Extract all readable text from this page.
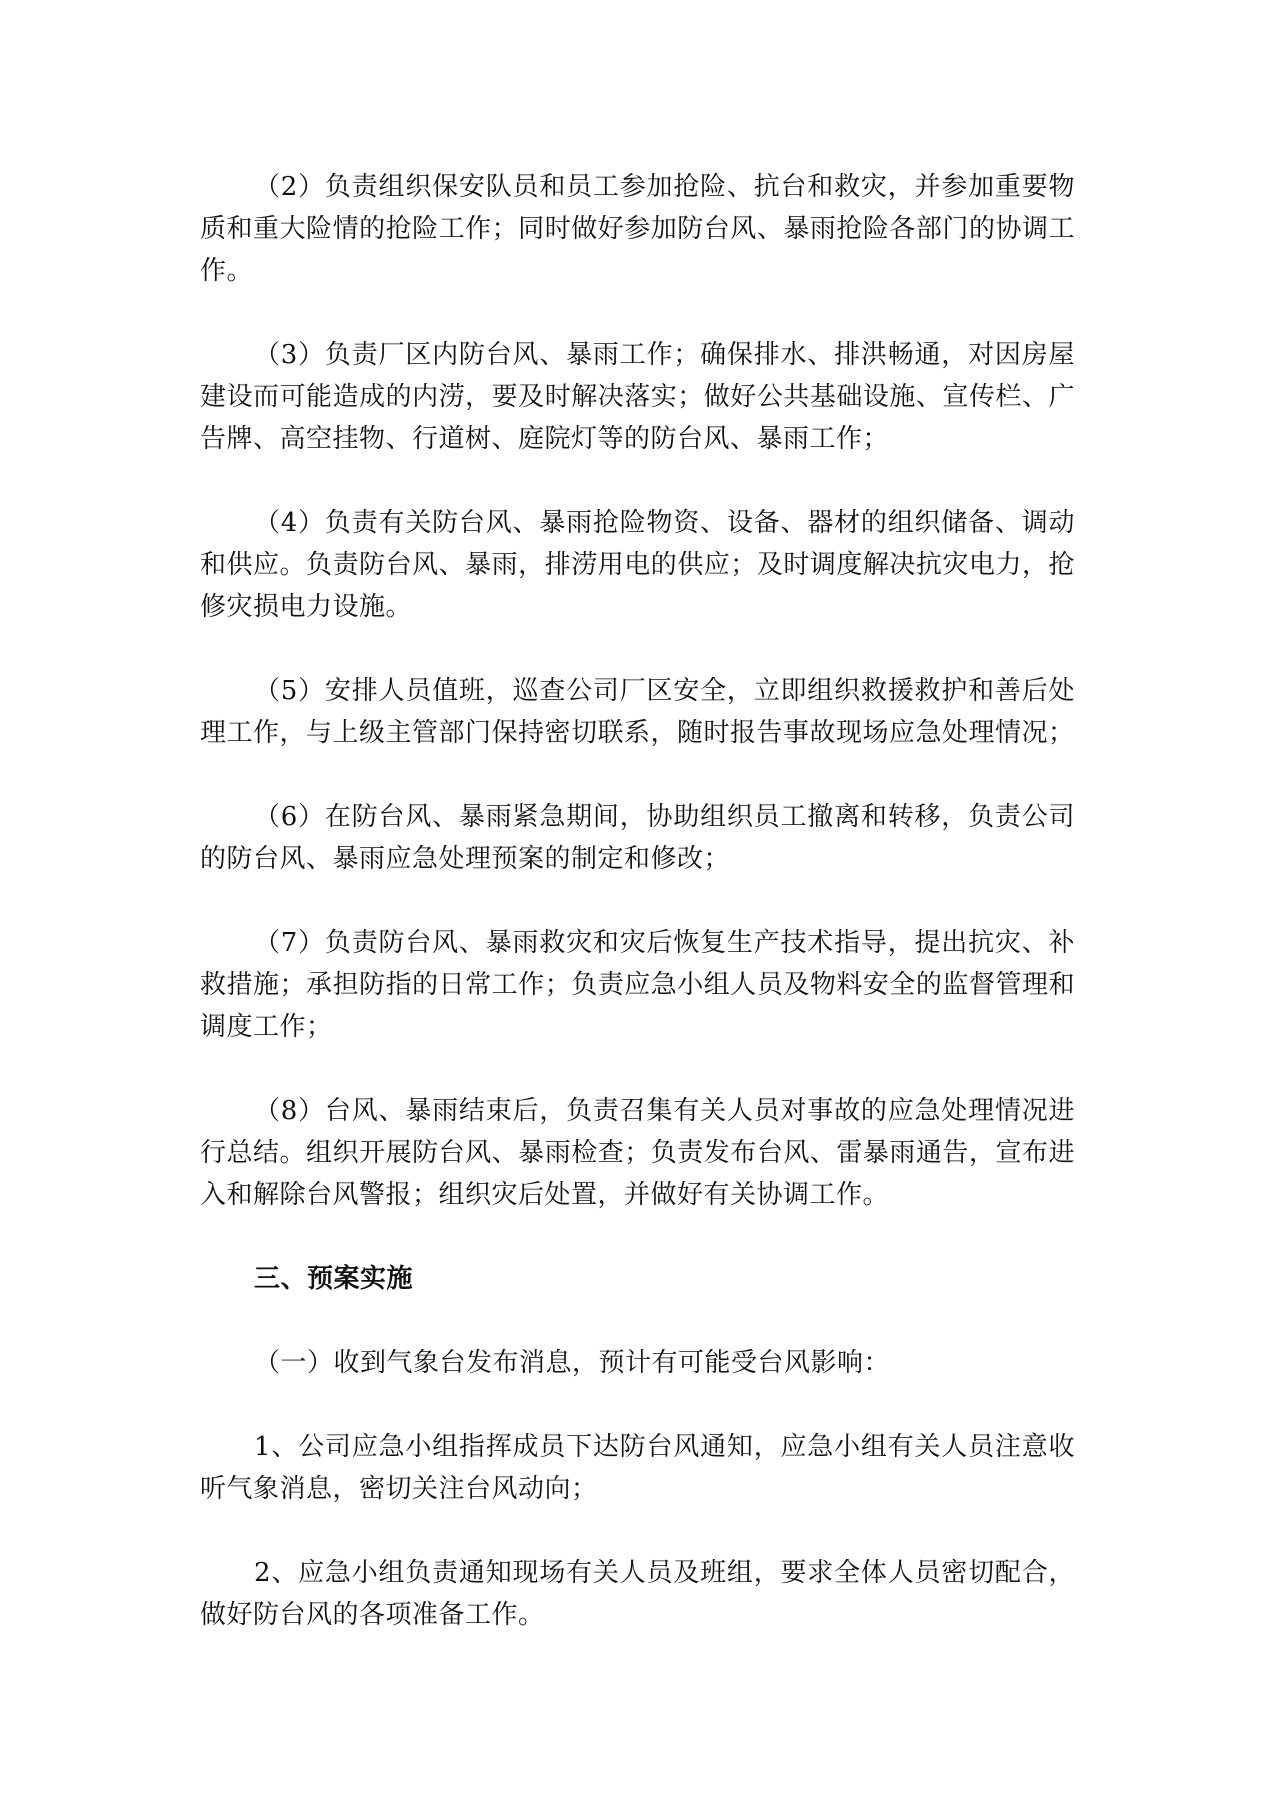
（2）负责组织保安队员和员工参加抢险、抗台和救灾，并参加重要物质和重大险情的抢险工作；同时做好参加防台风、暴雨抢险各部门的协调工作。

（3）负责厂区内防台风、暴雨工作；确保排水、排洪畅通，对因房屋建设而可能造成的内涝，要及时解决落实；做好公共基础设施、宣传栏、广告牌、高空挂物、行道树、庭院灯等的防台风、暴雨工作；

（4）负责有关防台风、暴雨抢险物资、设备、器材的组织储备、调动和供应。负责防台风、暴雨，排涝用电的供应；及时调度解决抗灾电力，抢修灾损电力设施。

（5）安排人员值班，巡查公司厂区安全，立即组织救援救护和善后处理工作，与上级主管部门保持密切联系，随时报告事故现场应急处理情况；

（6）在防台风、暴雨紧急期间，协助组织员工撤离和转移，负责公司的防台风、暴雨应急处理预案的制定和修改；

（7）负责防台风、暴雨救灾和灾后恢复生产技术指导，提出抗灾、补救措施；承担防指的日常工作；负责应急小组人员及物料安全的监督管理和调度工作；

（8）台风、暴雨结束后，负责召集有关人员对事故的应急处理情况进行总结。组织开展防台风、暴雨检查；负责发布台风、雷暴雨通告，宣布进入和解除台风警报；组织灾后处置，并做好有关协调工作。

三、预案实施

（一）收到气象台发布消息，预计有可能受台风影响：

1、公司应急小组指挥成员下达防台风通知，应急小组有关人员注意收听气象消息，密切关注台风动向；

2、应急小组负责通知现场有关人员及班组，要求全体人员密切配合，做好防台风的各项准备工作。
